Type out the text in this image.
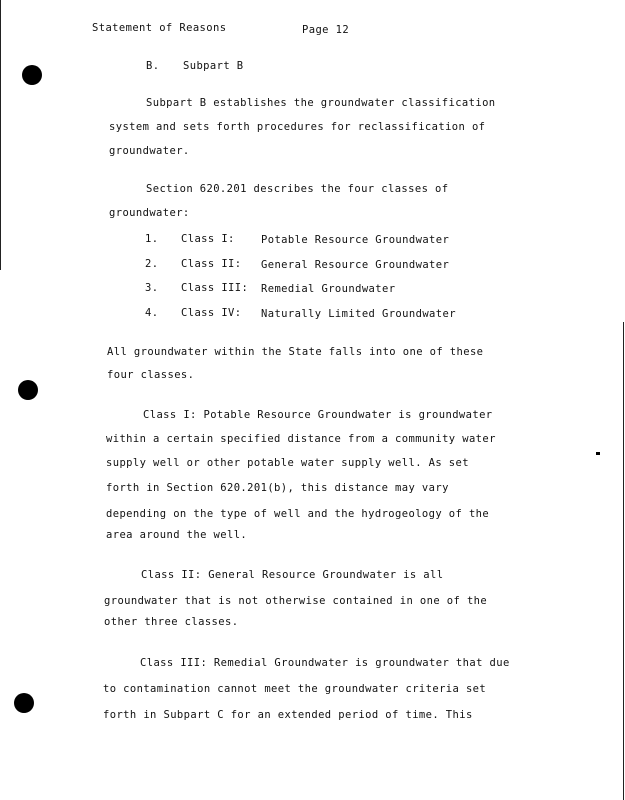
Statement of Reasons	Page 12
B. Subpart B
Subpart B establishes the groundwater classification
system and sets forth procedures for reclassification of
groundwater.
Section 620.201 describes the four classes of
groundwater:
1. Class I: Potable Resource Groundwater
2. Class II: General Resource Groundwater
3. Class III: Remedial Groundwater
4. Class IV: Naturally Limited Groundwater
All groundwater within the State falls into one of these
four classes.
Class I: Potable Resource Groundwater is groundwater
within a certain specified distance from a community water
supply well or other potable water supply well. As set
forth in Section 620.201(b), this distance may vary
depending on the type of well and the hydrogeology of the
area around the well.
Class II: General Resource Groundwater is all
groundwater that is not otherwise contained in one of the
other three classes.
Class III: Remedial Groundwater is groundwater that due
to contamination cannot meet the groundwater criteria set
forth in Subpart C for an extended period of time. This
